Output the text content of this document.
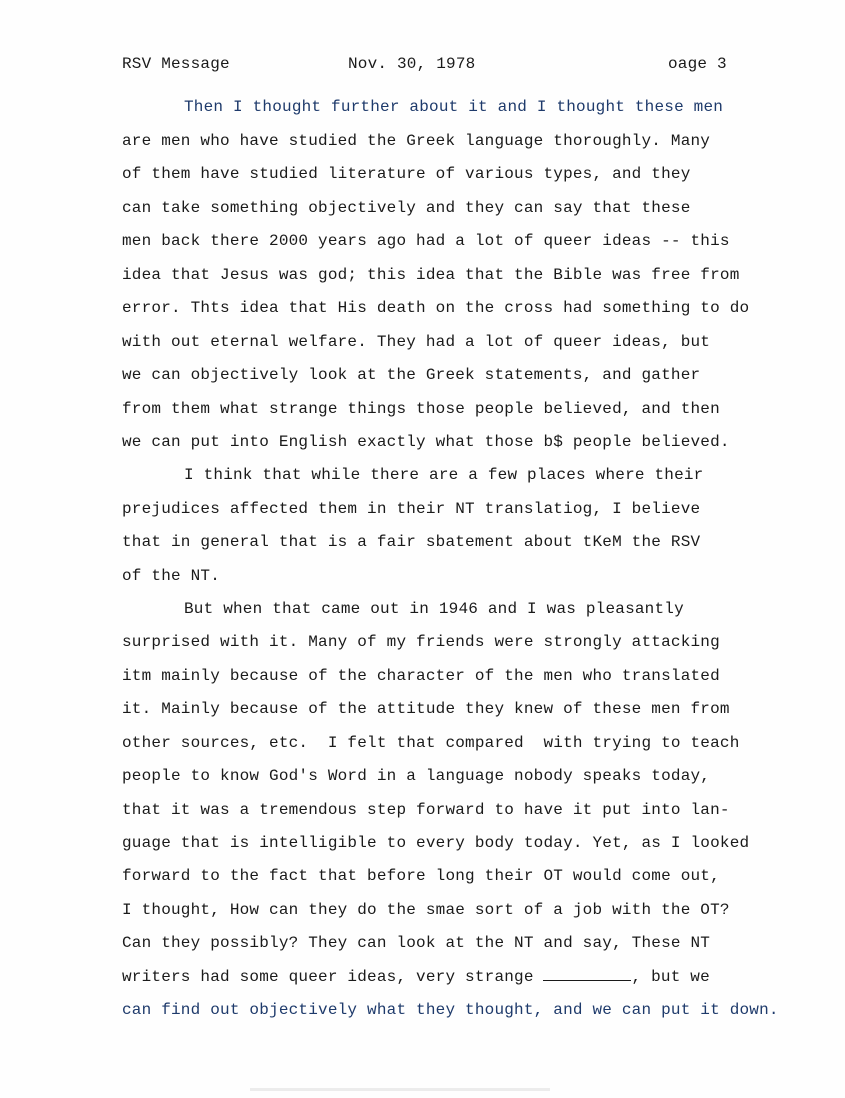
RSV Message	Nov. 30, 1978	oage 3
Then I thought further about it and I thought these men
are men who have studied the Greek language thoroughly. Many
of them have studied literature of various types, and they
can take something objectively and they can say that these
men back there 2000 years ago had a lot of queer ideas -- this
idea that Jesus was god; this idea that the Bible was free from
error. Thts idea that His death on the cross had something to do
with out eternal welfare. They had a lot of queer ideas, but
we can objectively look at the Greek statements, and gather
from them what strange things those people believed, and then
we can put into English exactly what those b$ people believed.
I think that while there are a few places where their
prejudices affected them in their NT translatiog, I believe
that in general that is a fair sbatement about tKeM the RSV
of the NT.
But when that came out in 1946 and I was pleasantly
surprised with it. Many of my friends were strongly attacking
itm mainly because of the character of the men who translated
it. Mainly because of the attitude they knew of these men from
other sources, etc.  I felt that compared  with trying to teach
people to know God's Word in a language nobody speaks today,
that it was a tremendous step forward to have it put into lan-
guage that is intelligible to every body today. Yet, as I looked
forward to the fact that before long their OT would come out,
I thought, How can they do the smae sort of a job with the OT?
Can they possibly? They can look at the NT and say, These NT
writers had some queer ideas, very strange	, but we
can find out objectively what they thought, and we can put it down.
